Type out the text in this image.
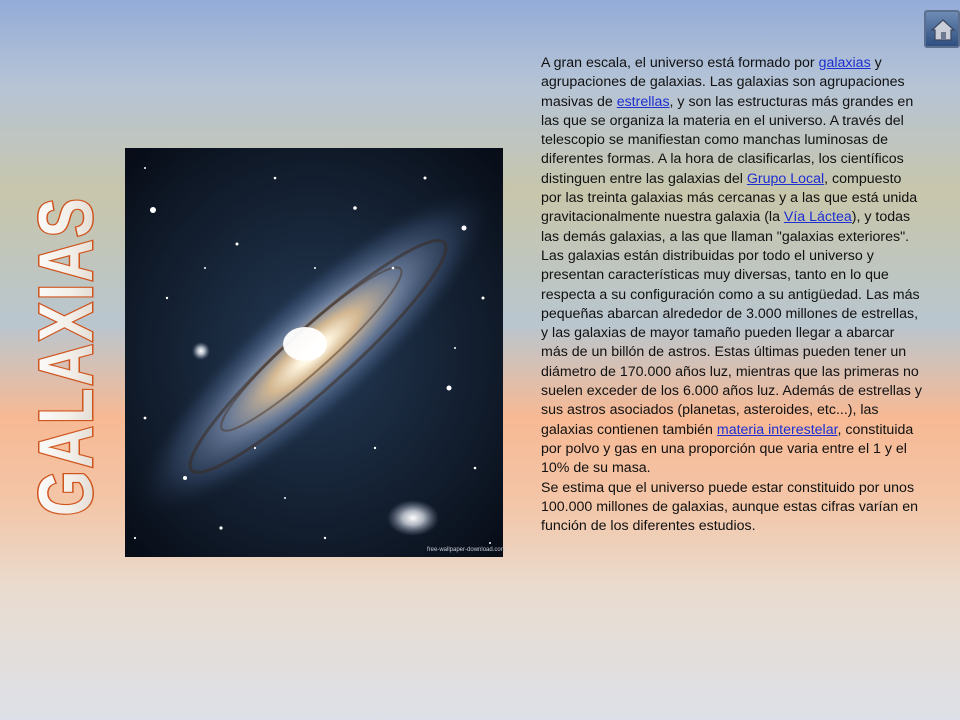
GALAXIAS
free-wallpaper-download.com

A gran escala, el universo está formado por galaxias y agrupaciones de galaxias. Las galaxias son agrupaciones masivas de estrellas, y son las estructuras más grandes en las que se organiza la materia en el universo. A través del telescopio se manifiestan como manchas luminosas de diferentes formas. A la hora de clasificarlas, los científicos distinguen entre las galaxias del Grupo Local, compuesto por las treinta galaxias más cercanas y a las que está unida gravitacionalmente nuestra galaxia (la Vía Láctea), y todas las demás galaxias, a las que llaman "galaxias exteriores".

Las galaxias están distribuidas por todo el universo y presentan características muy diversas, tanto en lo que respecta a su configuración como a su antigüedad. Las más pequeñas abarcan alrededor de 3.000 millones de estrellas, y las galaxias de mayor tamaño pueden llegar a abarcar más de un billón de astros. Estas últimas pueden tener un diámetro de 170.000 años luz, mientras que las primeras no suelen exceder de los 6.000 años luz. Además de estrellas y sus astros asociados (planetas, asteroides, etc...), las galaxias contienen también materia interestelar, constituida por polvo y gas en una proporción que varia entre el 1 y el 10% de su masa.

Se estima que el universo puede estar constituido por unos 100.000 millones de galaxias, aunque estas cifras varían en función de los diferentes estudios.
